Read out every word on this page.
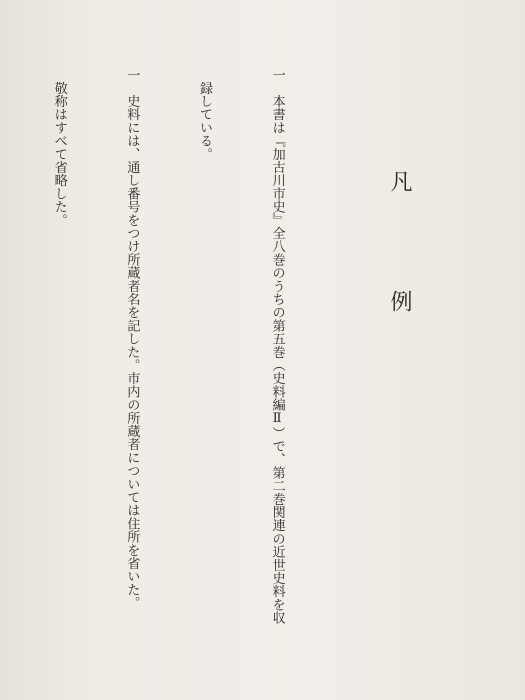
凡　例

一　本書は『加古川市史』全八巻のうちの第五巻（史料編Ⅱ）で、第二巻関連の近世史料を収

　録している。

一　史料には、通し番号をつけ所蔵者名を記した。市内の所蔵者については住所を省いた。

　敬称はすべて省略した。
